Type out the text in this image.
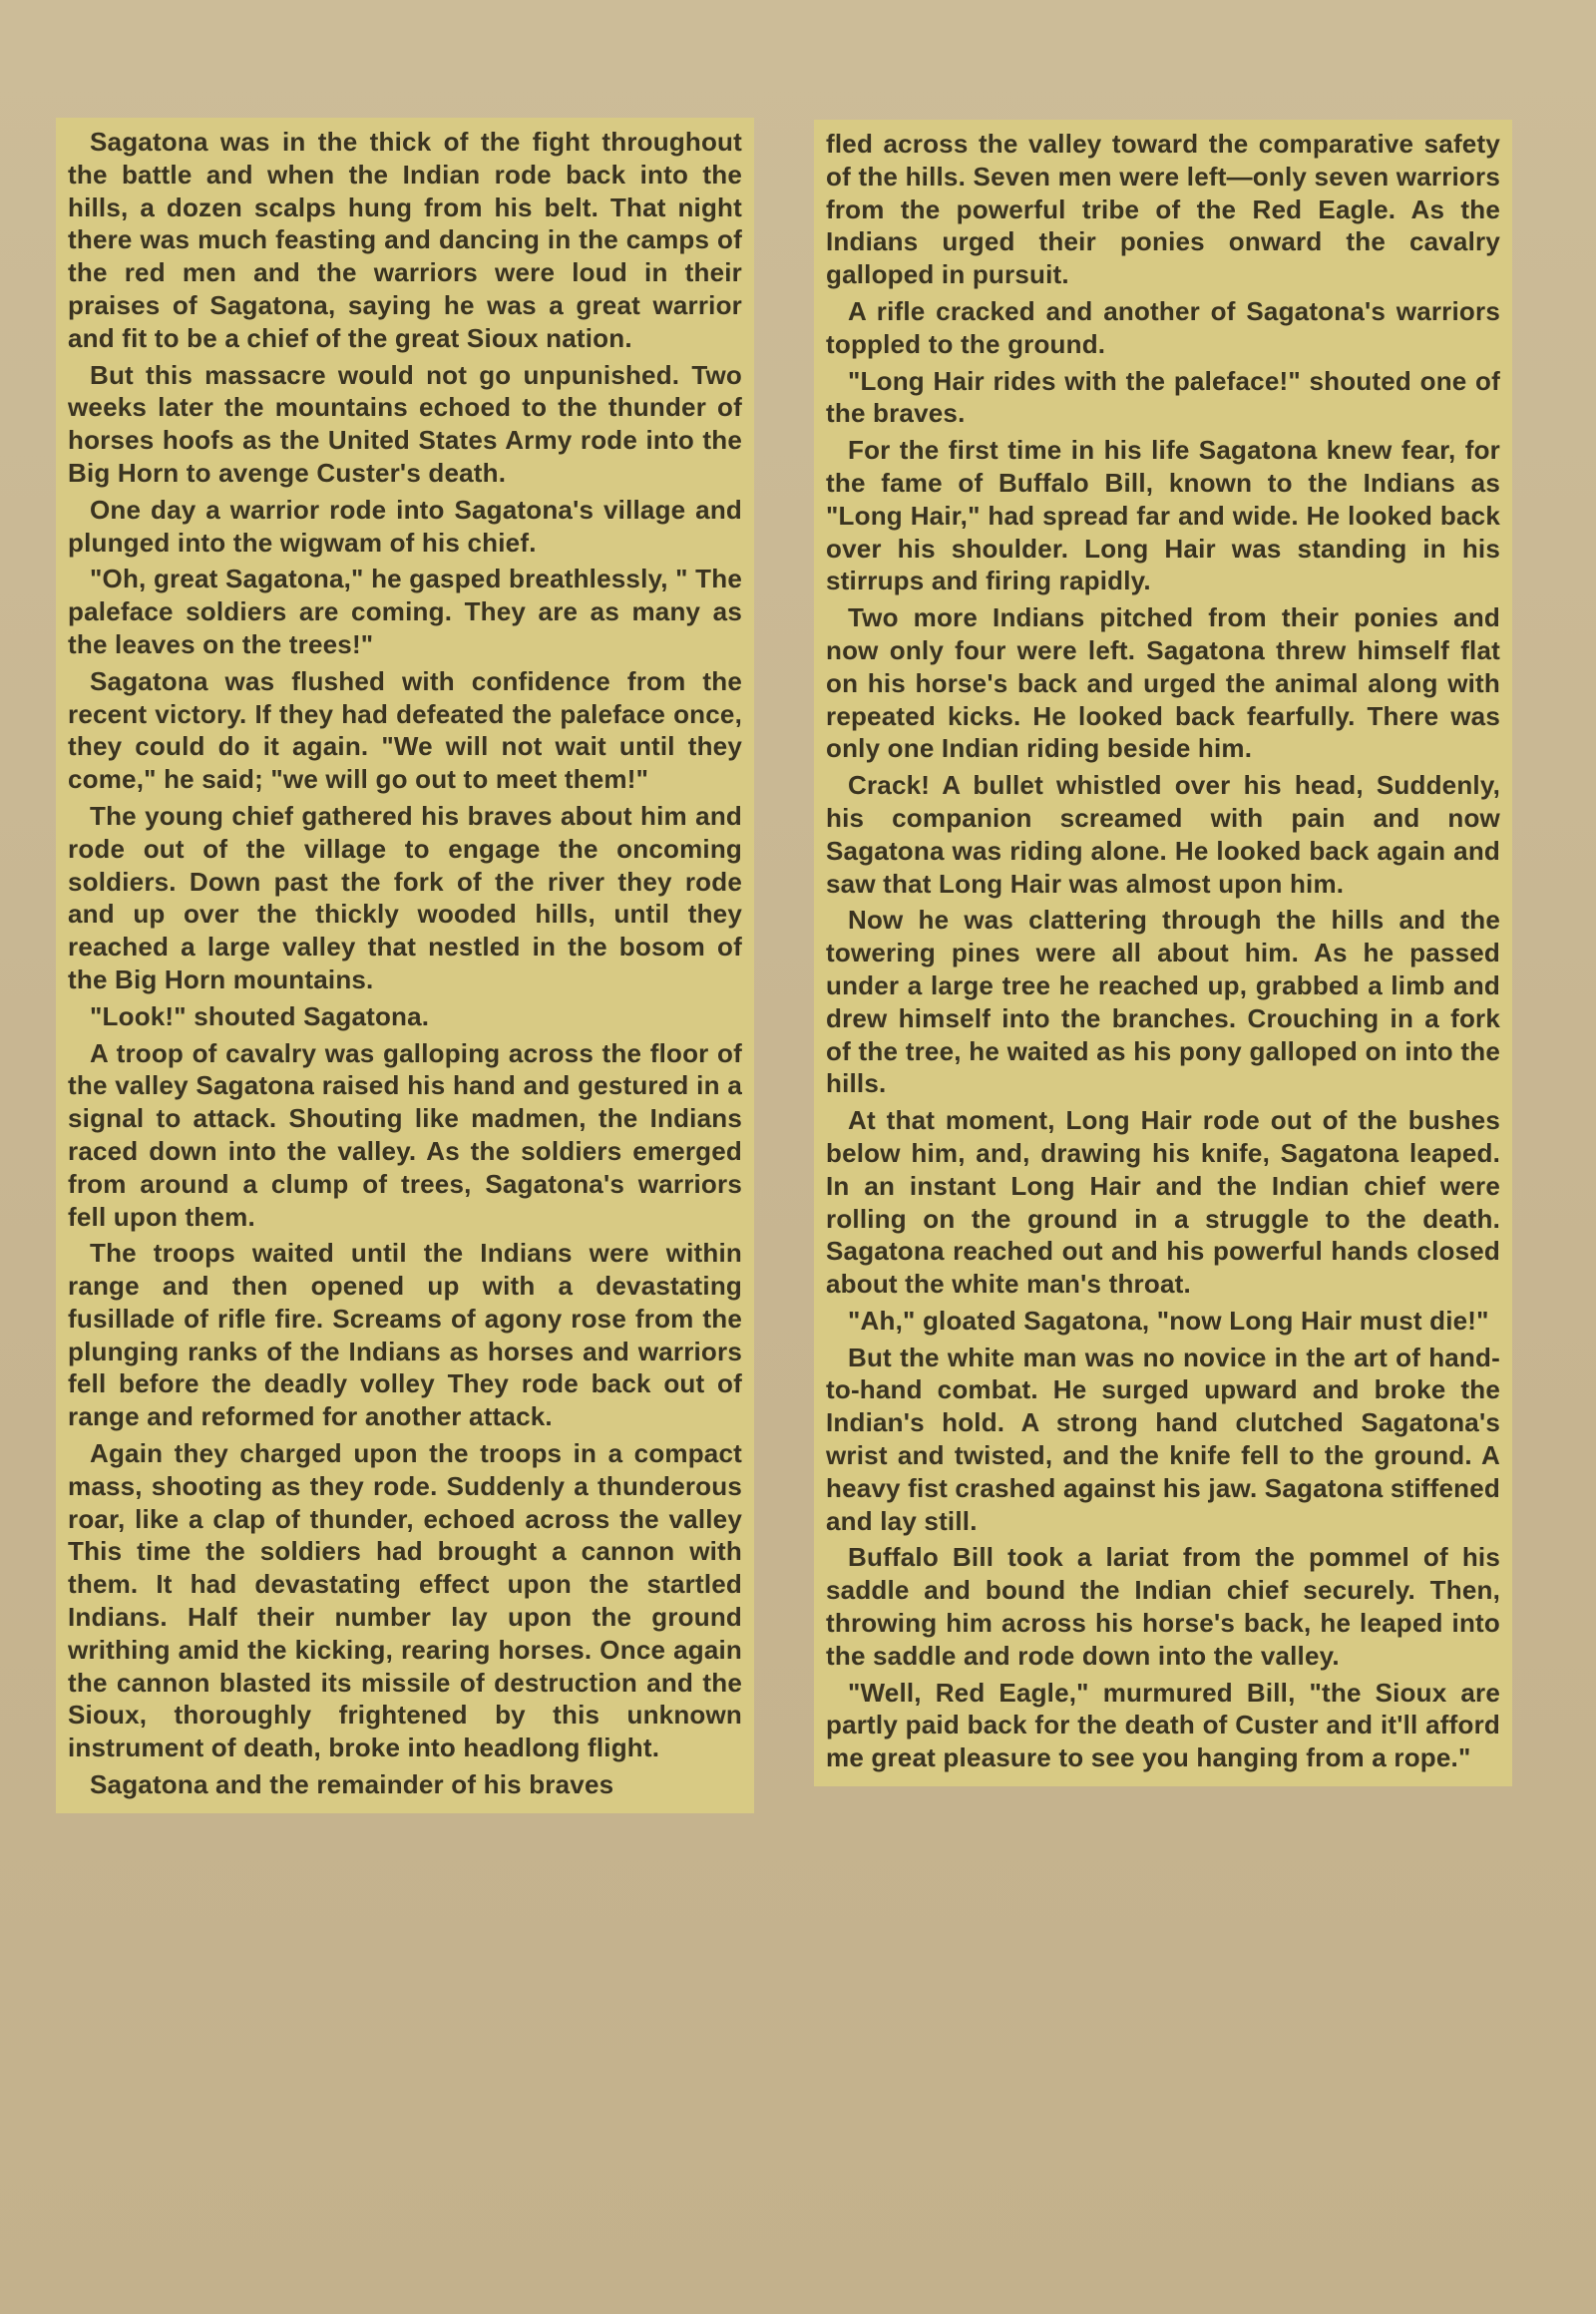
Sagatona was in the thick of the fight throughout the battle and when the Indian rode back into the hills, a dozen scalps hung from his belt. That night there was much feasting and dancing in the camps of the red men and the warriors were loud in their praises of Sagatona, saying he was a great warrior and fit to be a chief of the great Sioux nation.

But this massacre would not go unpunished. Two weeks later the mountains echoed to the thunder of horses hoofs as the United States Army rode into the Big Horn to avenge Custer's death.

One day a warrior rode into Sagatona's village and plunged into the wigwam of his chief.

"Oh, great Sagatona," he gasped breathlessly, " The paleface soldiers are coming. They are as many as the leaves on the trees!"

Sagatona was flushed with confidence from the recent victory. If they had defeated the paleface once, they could do it again. "We will not wait until they come," he said; "we will go out to meet them!"

The young chief gathered his braves about him and rode out of the village to engage the oncoming soldiers. Down past the fork of the river they rode and up over the thickly wooded hills, until they reached a large valley that nestled in the bosom of the Big Horn mountains.

"Look!" shouted Sagatona.

A troop of cavalry was galloping across the floor of the valley Sagatona raised his hand and gestured in a signal to attack. Shouting like madmen, the Indians raced down into the valley. As the soldiers emerged from around a clump of trees, Sagatona's warriors fell upon them.

The troops waited until the Indians were within range and then opened up with a devastating fusillade of rifle fire. Screams of agony rose from the plunging ranks of the Indians as horses and warriors fell before the deadly volley They rode back out of range and reformed for another attack.

Again they charged upon the troops in a compact mass, shooting as they rode. Suddenly a thunderous roar, like a clap of thunder, echoed across the valley This time the soldiers had brought a cannon with them. It had devastating effect upon the startled Indians. Half their number lay upon the ground writhing amid the kicking, rearing horses. Once again the cannon blasted its missile of destruction and the Sioux, thoroughly frightened by this unknown instrument of death, broke into headlong flight.

Sagatona and the remainder of his braves

fled across the valley toward the comparative safety of the hills. Seven men were left—only seven warriors from the powerful tribe of the Red Eagle. As the Indians urged their ponies onward the cavalry galloped in pursuit.

A rifle cracked and another of Sagatona's warriors toppled to the ground.

"Long Hair rides with the paleface!" shouted one of the braves.

For the first time in his life Sagatona knew fear, for the fame of Buffalo Bill, known to the Indians as "Long Hair," had spread far and wide. He looked back over his shoulder. Long Hair was standing in his stirrups and firing rapidly.

Two more Indians pitched from their ponies and now only four were left. Sagatona threw himself flat on his horse's back and urged the animal along with repeated kicks. He looked back fearfully. There was only one Indian riding beside him.

Crack! A bullet whistled over his head, Suddenly, his companion screamed with pain and now Sagatona was riding alone. He looked back again and saw that Long Hair was almost upon him.

Now he was clattering through the hills and the towering pines were all about him. As he passed under a large tree he reached up, grabbed a limb and drew himself into the branches. Crouching in a fork of the tree, he waited as his pony galloped on into the hills.

At that moment, Long Hair rode out of the bushes below him, and, drawing his knife, Sagatona leaped. In an instant Long Hair and the Indian chief were rolling on the ground in a struggle to the death. Sagatona reached out and his powerful hands closed about the white man's throat.

"Ah," gloated Sagatona, "now Long Hair must die!"

But the white man was no novice in the art of hand-to-hand combat. He surged upward and broke the Indian's hold. A strong hand clutched Sagatona's wrist and twisted, and the knife fell to the ground. A heavy fist crashed against his jaw. Sagatona stiffened and lay still.

Buffalo Bill took a lariat from the pommel of his saddle and bound the Indian chief securely. Then, throwing him across his horse's back, he leaped into the saddle and rode down into the valley.

"Well, Red Eagle," murmured Bill, "the Sioux are partly paid back for the death of Custer and it'll afford me great pleasure to see you hanging from a rope."
